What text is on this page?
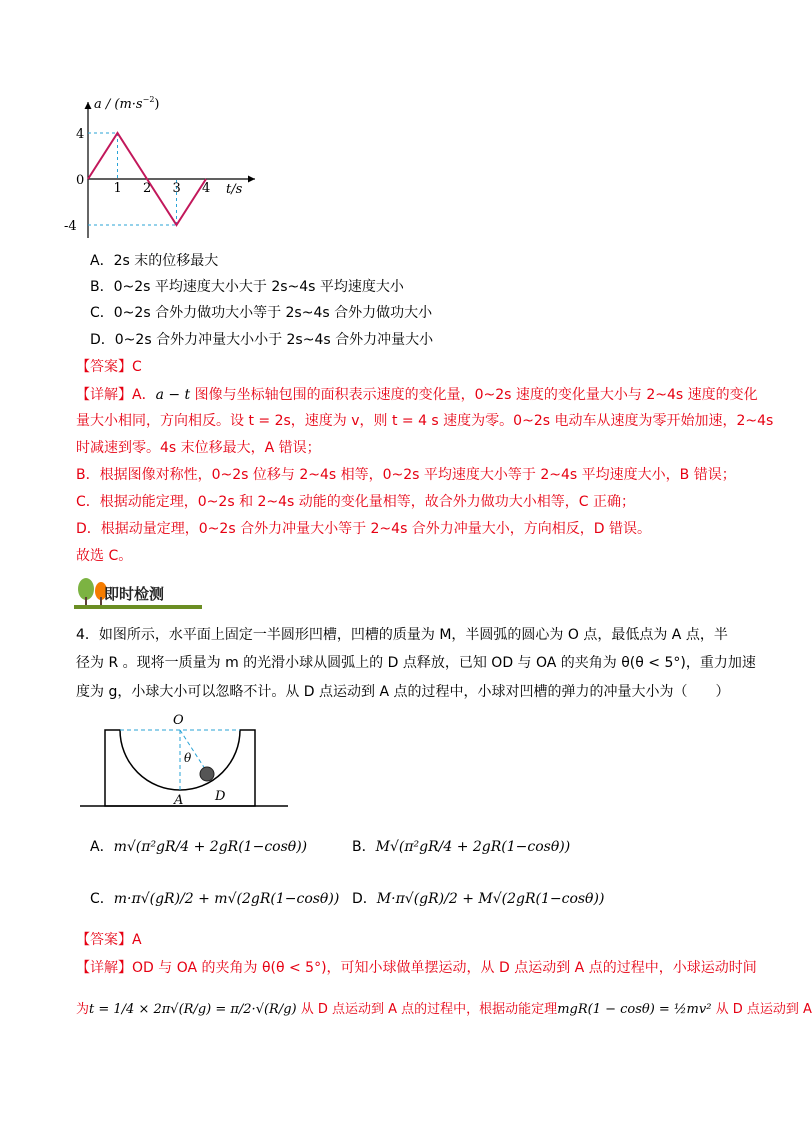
$a / (m\cdot s^{-2})$
t/s
0
1 2 3 4
4
-4
A．2s 末的位移最大
B．0~2s 平均速度大小大于 2s~4s 平均速度大小
C．0~2s 合外力做功大小等于 2s~4s 合外力做功大小
D．0~2s 合外力冲量大小小于 2s~4s 合外力冲量大小
【答案】C
【详解】A．a − t 图像与坐标轴包围的面积表示速度的变化量，0~2s 速度的变化量大小与 2~4s 速度的变化
量大小相同，方向相反。设 t = 2s，速度为 v，则 t = 4 s 速度为零。0~2s 电动车从速度为零开始加速，2~4s
时减速到零。4s 末位移最大，A 错误；
B．根据图像对称性，0~2s 位移与 2~4s 相等，0~2s 平均速度大小等于 2~4s 平均速度大小，B 错误；
C．根据动能定理，0~2s 和 2~4s 动能的变化量相等，故合外力做功大小相等，C 正确；
D．根据动量定理，0~2s 合外力冲量大小等于 2~4s 合外力冲量大小，方向相反，D 错误。
故选 C。
即时检测
4．如图所示，水平面上固定一半圆形凹槽，凹槽的质量为 M，半圆弧的圆心为 O 点，最低点为 A 点，半
径为 R 。现将一质量为 m 的光滑小球从圆弧上的 D 点释放，已知 OD 与 OA 的夹角为 θ(θ < 5°)，重力加速
度为 g，小球大小可以忽略不计。从 D 点运动到 A 点的过程中，小球对凹槽的弹力的冲量大小为（　　）
O
θ
A D
A．m√(π²gR/4 + 2gR(1−cosθ))	B．M√(π²gR/4 + 2gR(1−cosθ))
C．m·π√(gR)/2 + m√(2gR(1−cosθ)) D．M·π√(gR)/2 + M√(2gR(1−cosθ))
【答案】A
【详解】OD 与 OA 的夹角为 θ(θ < 5°)，可知小球做单摆运动，从 D 点运动到 A 点的过程中，小球运动时间
为t = 1/4 × 2π√(R/g) = π/2·√(R/g) 从 D 点运动到 A 点的过程中，根据动能定理mgR(1 − cosθ) = ½mv² 从 D 点运动到 A
